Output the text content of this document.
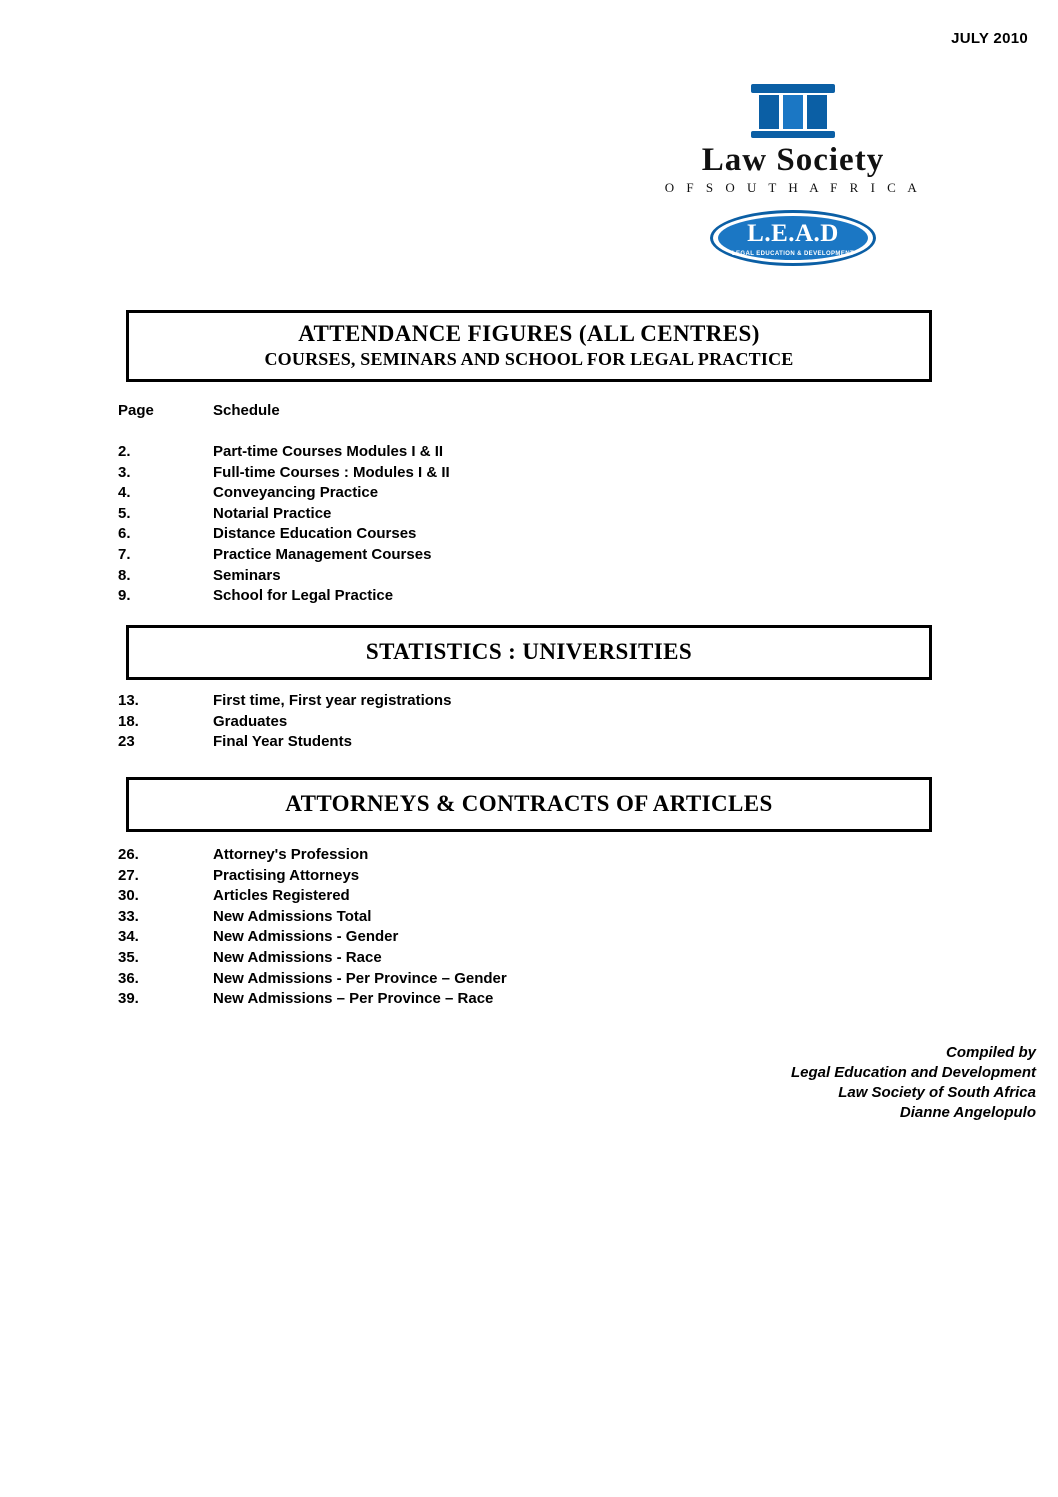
JULY 2010
Law Society
O F S O U T H A F R I C A
L.E.A.D
LEGAL EDUCATION & DEVELOPMENT
ATTENDANCE FIGURES (ALL CENTRES)
COURSES, SEMINARS AND SCHOOL FOR LEGAL PRACTICE
Page	Schedule
2.	Part-time Courses Modules I & II
3.	Full-time Courses : Modules I & II
4.	Conveyancing Practice
5.	Notarial Practice
6.	Distance Education Courses
7.	Practice Management Courses
8.	Seminars
9.	School for Legal Practice
STATISTICS : UNIVERSITIES
13.	First time, First year registrations
18.	Graduates
23	Final Year Students
ATTORNEYS & CONTRACTS OF ARTICLES
26.	Attorney's Profession
27.	Practising Attorneys
30.	Articles Registered
33.	New Admissions Total
34.	New Admissions - Gender
35.	New Admissions - Race
36.	New Admissions - Per Province – Gender
39.	New Admissions – Per Province – Race
Compiled by
Legal Education and Development
Law Society of South Africa
Dianne Angelopulo
